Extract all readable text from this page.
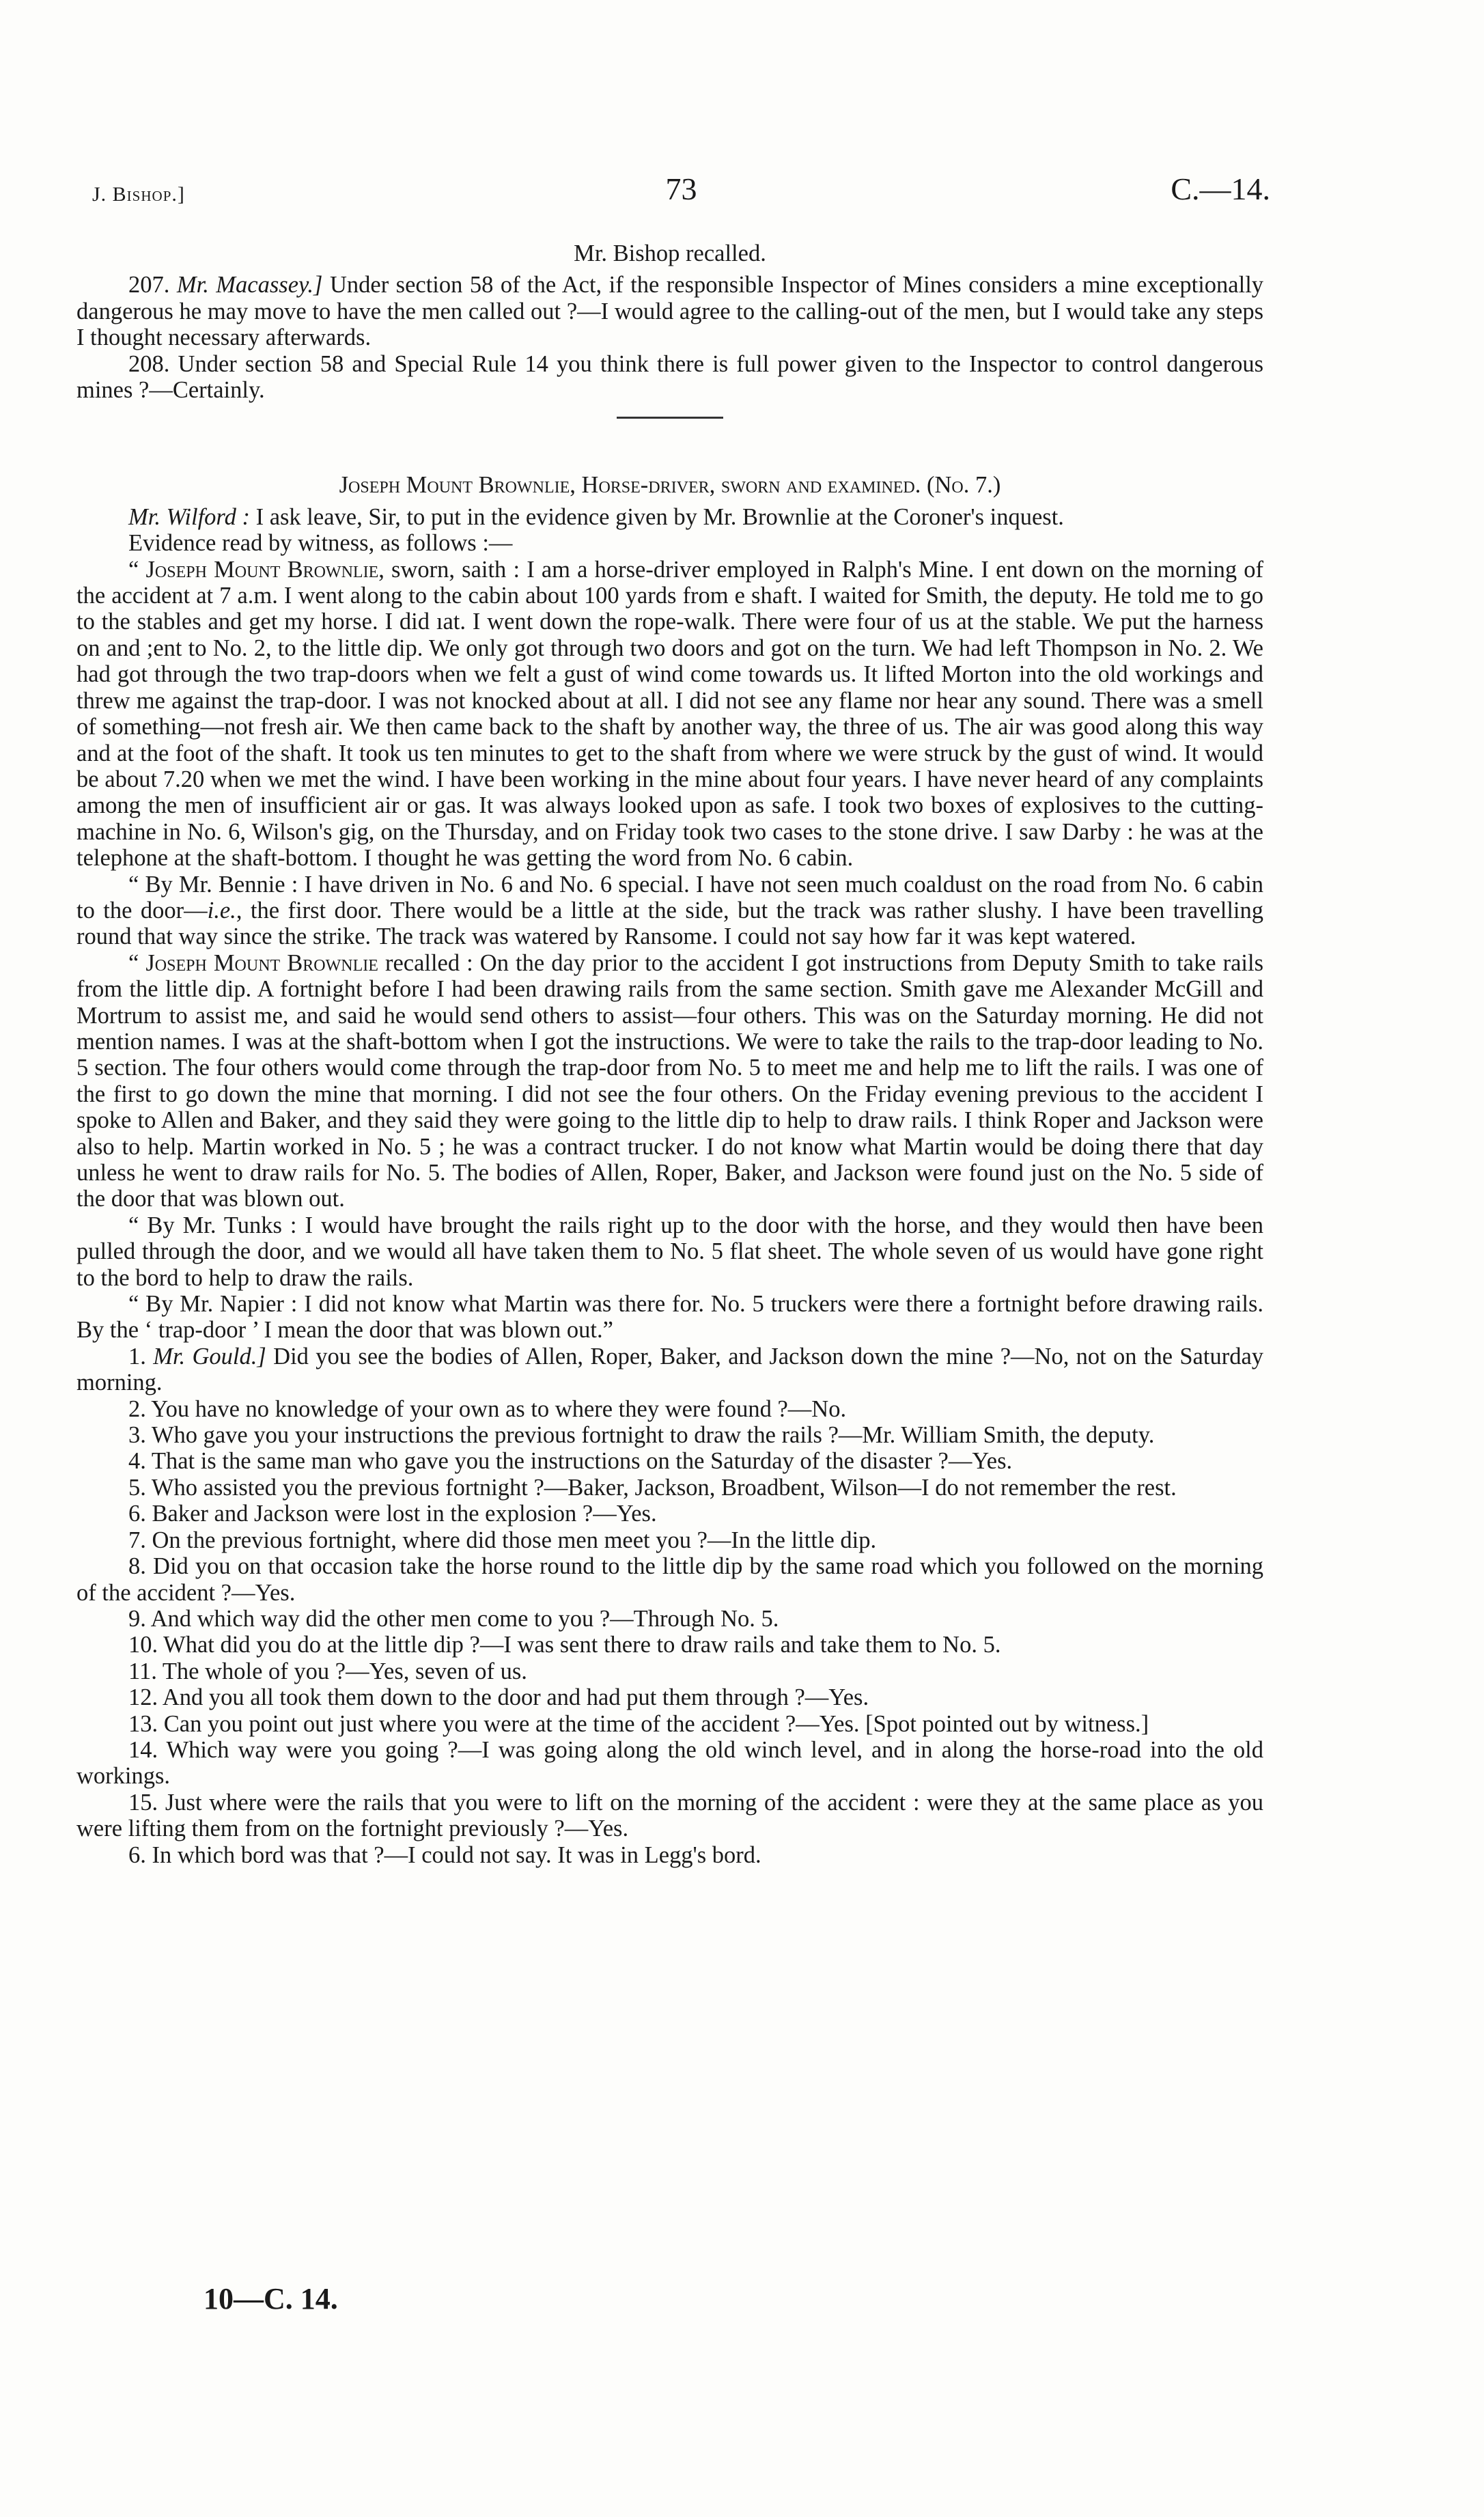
J. Bishop.]	73	C.—14.

Mr. Bishop recalled.

207. Mr. Macassey.] Under section 58 of the Act, if the responsible Inspector of Mines considers a mine exceptionally dangerous he may move to have the men called out ?—I would agree to the calling-out of the men, but I would take any steps I thought necessary afterwards.

208. Under section 58 and Special Rule 14 you think there is full power given to the Inspector to control dangerous mines ?—Certainly.

Joseph Mount Brownlie, Horse-driver, sworn and examined. (No. 7.)

Mr. Wilford : I ask leave, Sir, to put in the evidence given by Mr. Brownlie at the Coroner's inquest.

Evidence read by witness, as follows :—

“ Joseph Mount Brownlie, sworn, saith : I am a horse-driver employed in Ralph's Mine. I ent down on the morning of the accident at 7 a.m. I went along to the cabin about 100 yards from e shaft. I waited for Smith, the deputy. He told me to go to the stables and get my horse. I did ıat. I went down the rope-walk. There were four of us at the stable. We put the harness on and ;ent to No. 2, to the little dip. We only got through two doors and got on the turn. We had left Thompson in No. 2. We had got through the two trap-doors when we felt a gust of wind come towards us. It lifted Morton into the old workings and threw me against the trap-door. I was not knocked about at all. I did not see any flame nor hear any sound. There was a smell of something—not fresh air. We then came back to the shaft by another way, the three of us. The air was good along this way and at the foot of the shaft. It took us ten minutes to get to the shaft from where we were struck by the gust of wind. It would be about 7.20 when we met the wind. I have been working in the mine about four years. I have never heard of any complaints among the men of insufficient air or gas. It was always looked upon as safe. I took two boxes of explosives to the cutting-machine in No. 6, Wilson's gig, on the Thursday, and on Friday took two cases to the stone drive. I saw Darby : he was at the telephone at the shaft-bottom. I thought he was getting the word from No. 6 cabin.

“ By Mr. Bennie : I have driven in No. 6 and No. 6 special. I have not seen much coaldust on the road from No. 6 cabin to the door—i.e., the first door. There would be a little at the side, but the track was rather slushy. I have been travelling round that way since the strike. The track was watered by Ransome. I could not say how far it was kept watered.

“ Joseph Mount Brownlie recalled : On the day prior to the accident I got instructions from Deputy Smith to take rails from the little dip. A fortnight before I had been drawing rails from the same section. Smith gave me Alexander McGill and Mortrum to assist me, and said he would send others to assist—four others. This was on the Saturday morning. He did not mention names. I was at the shaft-bottom when I got the instructions. We were to take the rails to the trap-door leading to No. 5 section. The four others would come through the trap-door from No. 5 to meet me and help me to lift the rails. I was one of the first to go down the mine that morning. I did not see the four others. On the Friday evening previous to the accident I spoke to Allen and Baker, and they said they were going to the little dip to help to draw rails. I think Roper and Jackson were also to help. Martin worked in No. 5 ; he was a contract trucker. I do not know what Martin would be doing there that day unless he went to draw rails for No. 5. The bodies of Allen, Roper, Baker, and Jackson were found just on the No. 5 side of the door that was blown out.

“ By Mr. Tunks : I would have brought the rails right up to the door with the horse, and they would then have been pulled through the door, and we would all have taken them to No. 5 flat sheet. The whole seven of us would have gone right to the bord to help to draw the rails.

“ By Mr. Napier : I did not know what Martin was there for. No. 5 truckers were there a fortnight before drawing rails. By the ‘ trap-door ’ I mean the door that was blown out.”

1. Mr. Gould.] Did you see the bodies of Allen, Roper, Baker, and Jackson down the mine ?—No, not on the Saturday morning.

2. You have no knowledge of your own as to where they were found ?—No.

3. Who gave you your instructions the previous fortnight to draw the rails ?—Mr. William Smith, the deputy.

4. That is the same man who gave you the instructions on the Saturday of the disaster ?—Yes.

5. Who assisted you the previous fortnight ?—Baker, Jackson, Broadbent, Wilson—I do not remember the rest.

6. Baker and Jackson were lost in the explosion ?—Yes.

7. On the previous fortnight, where did those men meet you ?—In the little dip.

8. Did you on that occasion take the horse round to the little dip by the same road which you followed on the morning of the accident ?—Yes.

9. And which way did the other men come to you ?—Through No. 5.

10. What did you do at the little dip ?—I was sent there to draw rails and take them to No. 5.

11. The whole of you ?—Yes, seven of us.

12. And you all took them down to the door and had put them through ?—Yes.

13. Can you point out just where you were at the time of the accident ?—Yes. [Spot pointed out by witness.]

14. Which way were you going ?—I was going along the old winch level, and in along the horse-road into the old workings.

15. Just where were the rails that you were to lift on the morning of the accident : were they at the same place as you were lifting them from on the fortnight previously ?—Yes.

6. In which bord was that ?—I could not say. It was in Legg's bord.

10—C. 14.
